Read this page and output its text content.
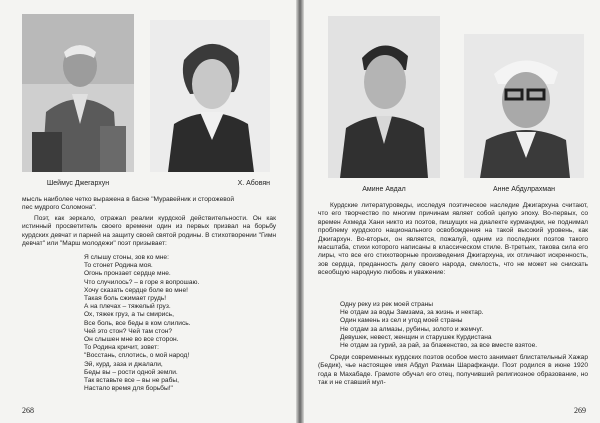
Шеймус Джегархун	Х. Абовян
мысль наиболее четко выражена в басне "Муравейник и сторожевой
пес мудрого Соломона".

Поэт, как зеркало, отражал реалии курдской действительности. Он как истинный просветитель своего времени один из первых призвал на борьбу курдских девчат и парней на защиту своей святой родины. В стихотворении "Гимн девчат" или "Марш молодежи" поэт призывает:

Я слышу стоны, зов ко мне:
То стонет Родина моя.
Огонь пронзает сердце мне.
Что случилось? – в горе я вопрошаю.
Хочу сказать сердце боле во мне!
Такая боль сжимает грудь!
А на плечах – тяжелый груз.
Ох, тяжек груз, а ты смирись,
Все боль, все беды в ком слились.
Чей это стон? Чей там стон?
Он слышен мне во все сторон.
То Родина кричит, зовет:
"Восстань, сплотись, о мой народ!
Эй, курд, заза и джалали,
Беды вы – рости одной земли.
Так вставьте все – вы не рабы,
Настало время для борьбы!"
268
Амине Авдал	Анне Абдулрахман

Курдские литературоведы, исследуя поэтическое наследие Джигархуна считают, что его творчество по многим причинам являет собой целую эпоху. Во-первых, со времен Ахмеда Хани никто из поэтов, пишущих на диалекте курманджи, не поднимал проблему курдского национального освобождения на такой высокий уровень, как Джигархун. Во-вторых, он является, пожалуй, одним из последних поэтов такого масштаба, стихи которого написаны в классическом стиле. В-третьих, такова сила его лиры, что все его стихотворные произведения Джигархуна, их отличают искренность, зов сердца, преданность делу своего народа, смелость, что не может не снискать всеобщую народную любовь и уважение:

Одну реку из рек моей страны
Не отдам за воды Замзама, за жизнь и нектар.
Один камень из сел и угод моей страны
Не отдам за алмазы, рубины, золото и жемчуг.
Девушек, невест, женщин и старушек Курдистана
Не отдам за гурий, за рай, за блаженство, за все вместе взятое.

Среди современных курдских поэтов особое место занимает блистательный Хажар (Бедик), чье настоящее имя Абдул Рахман Шарафканди. Поэт родился в июне 1920 года в Махабаде. Грамоте обучал его отец, получивший религиозное образование, но так и не ставший мул-

269
